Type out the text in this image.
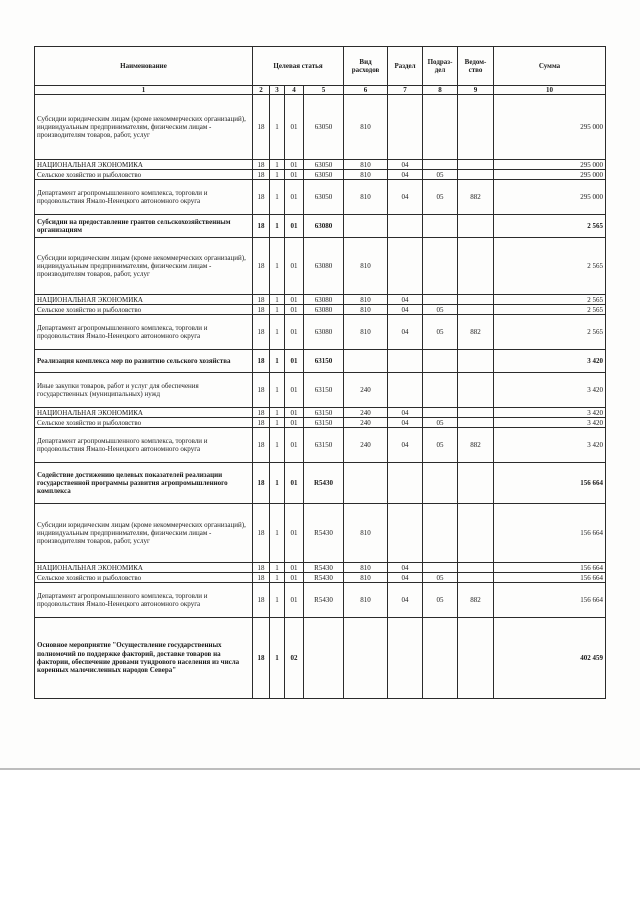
Наименование	Целевая статья				Вид расходов	Раздел	Подраз-дел	Ведом-ство	Сумма
1	2	3	4	5	6	7	8	9	10
Субсидии юридическим лицам (кроме некоммерческих организаций), индивидуальным предпринимателям, физическим лицам - производителям товаров, работ, услуг	18	1	01	63050	810				295 000
НАЦИОНАЛЬНАЯ ЭКОНОМИКА	18	1	01	63050	810	04			295 000
Сельское хозяйство и рыболовство	18	1	01	63050	810	04	05		295 000
Департамент агропромышленного комплекса, торговли и продовольствия Ямало-Ненецкого автономного округа	18	1	01	63050	810	04	05	882	295 000
Субсидии на предоставление грантов сельскохозяйственным организациям	18	1	01	63080					2 565
Субсидии юридическим лицам (кроме некоммерческих организаций), индивидуальным предпринимателям, физическим лицам - производителям товаров, работ, услуг	18	1	01	63080	810				2 565
НАЦИОНАЛЬНАЯ ЭКОНОМИКА	18	1	01	63080	810	04			2 565
Сельское хозяйство и рыболовство	18	1	01	63080	810	04	05		2 565
Департамент агропромышленного комплекса, торговли и продовольствия Ямало-Ненецкого автономного округа	18	1	01	63080	810	04	05	882	2 565
Реализация комплекса мер по развитию сельского хозяйства	18	1	01	63150					3 420
Иные закупки товаров, работ и услуг для обеспечения государственных (муниципальных) нужд	18	1	01	63150	240				3 420
НАЦИОНАЛЬНАЯ ЭКОНОМИКА	18	1	01	63150	240	04			3 420
Сельское хозяйство и рыболовство	18	1	01	63150	240	04	05		3 420
Департамент агропромышленного комплекса, торговли и продовольствия Ямало-Ненецкого автономного округа	18	1	01	63150	240	04	05	882	3 420
Содействие достижению целевых показателей реализации государственной программы развития агропромышленного комплекса	18	1	01	R5430					156 664
Субсидии юридическим лицам (кроме некоммерческих организаций), индивидуальным предпринимателям, физическим лицам - производителям товаров, работ, услуг	18	1	01	R5430	810				156 664
НАЦИОНАЛЬНАЯ ЭКОНОМИКА	18	1	01	R5430	810	04			156 664
Сельское хозяйство и рыболовство	18	1	01	R5430	810	04	05		156 664
Департамент агропромышленного комплекса, торговли и продовольствия Ямало-Ненецкого автономного округа	18	1	01	R5430	810	04	05	882	156 664
Основное мероприятие "Осуществление государственных полномочий по поддержке факторий, доставке товаров на фактории, обеспечение дровами тундрового населения из числа коренных малочисленных народов Севера"	18	1	02						402 459
